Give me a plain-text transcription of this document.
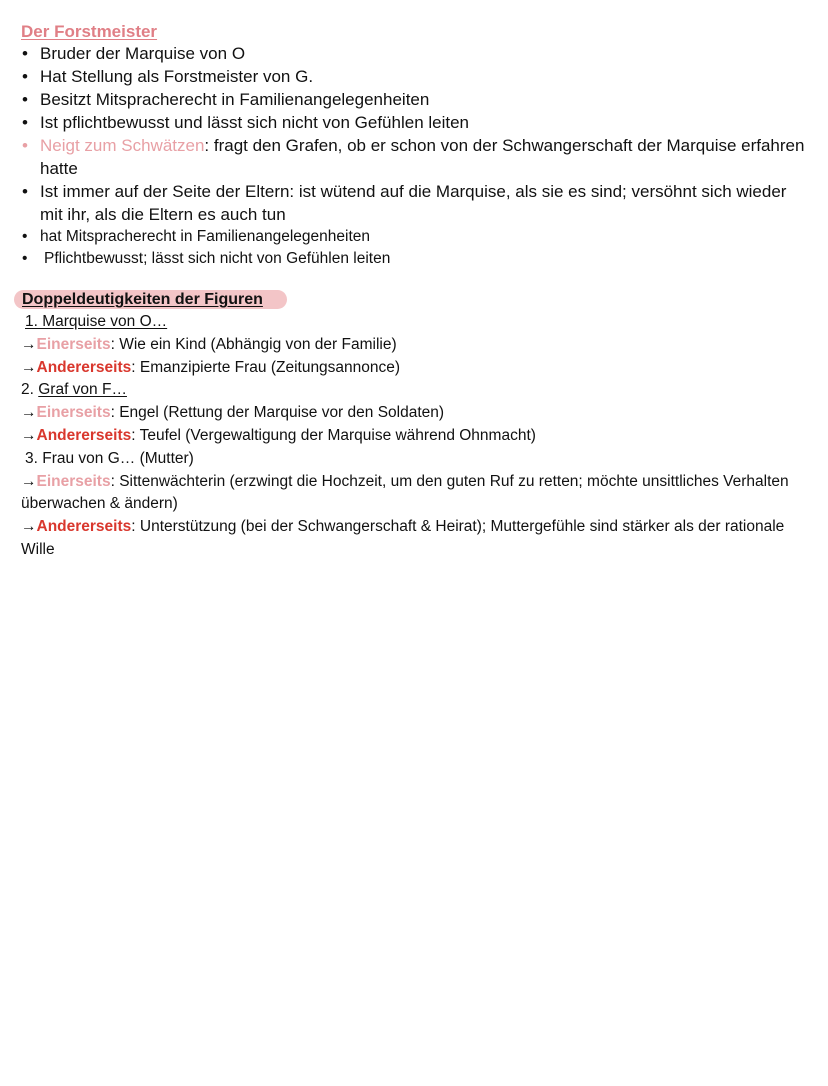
Der Forstmeister
• Bruder der Marquise von O
• Hat Stellung als Forstmeister von G.
• Besitzt Mitspracherecht in Familienangelegenheiten
• Ist pflichtbewusst und lässt sich nicht von Gefühlen leiten
• Neigt zum Schwätzen: fragt den Grafen, ob er schon von der Schwangerschaft der Marquise erfahren hatte
• Ist immer auf der Seite der Eltern: ist wütend auf die Marquise, als sie es sind; versöhnt sich wieder mit ihr, als die Eltern es auch tun
• hat Mitspracherecht in Familienangelegenheiten
• Pflichtbewusst; lässt sich nicht von Gefühlen leiten
Doppeldeutigkeiten der Figuren

1. Marquise von O…

→Einerseits: Wie ein Kind (Abhängig von der Familie)

→Andererseits: Emanzipierte Frau (Zeitungsannonce)

2. Graf von F…

→Einerseits: Engel (Rettung der Marquise vor den Soldaten)

→Andererseits: Teufel (Vergewaltigung der Marquise während Ohnmacht)

3. Frau von G… (Mutter)

→Einerseits: Sittenwächterin (erzwingt die Hochzeit, um den guten Ruf zu retten; möchte unsittliches Verhalten überwachen & ändern)

→Andererseits: Unterstützung (bei der Schwangerschaft & Heirat); Muttergefühle sind stärker als der rationale Wille
